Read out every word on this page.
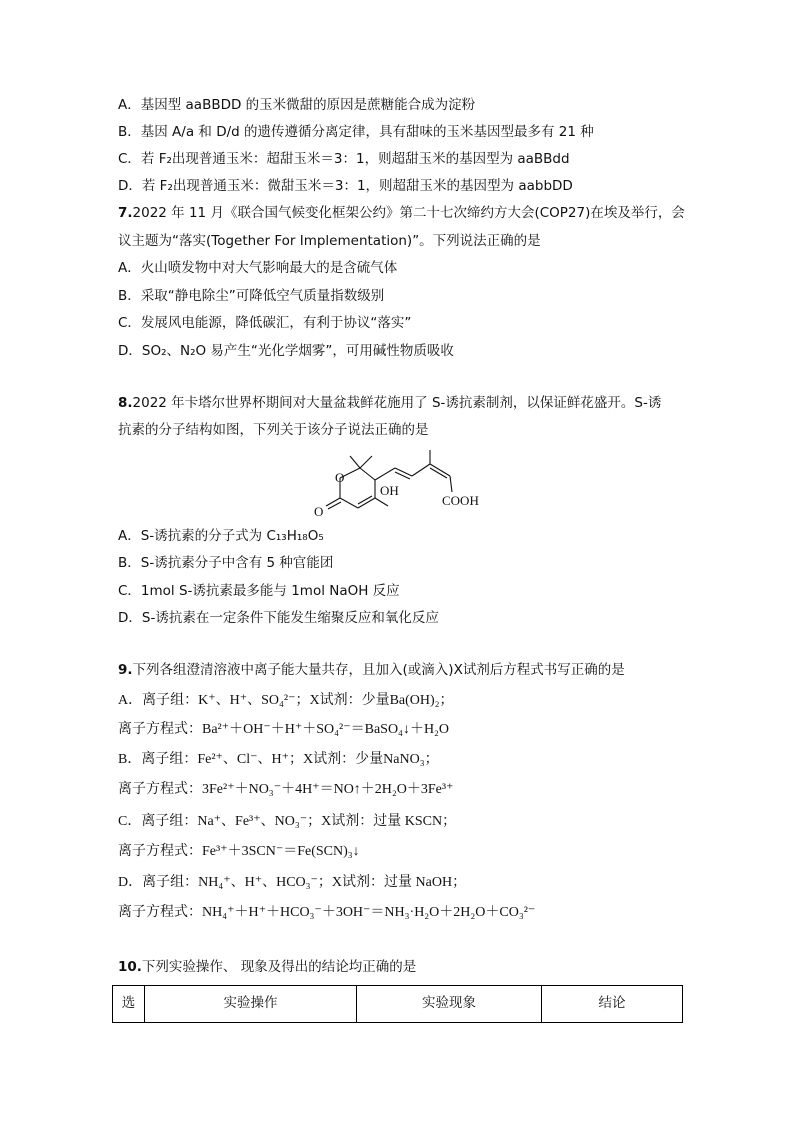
A．基因型 aaBBDD 的玉米微甜的原因是蔗糖能合成为淀粉
B．基因 A/a 和 D/d 的遗传遵循分离定律，具有甜味的玉米基因型最多有 21 种
C．若 F₂出现普通玉米：超甜玉米＝3：1，则超甜玉米的基因型为 aaBBdd
D．若 F₂出现普通玉米：微甜玉米＝3：1，则超甜玉米的基因型为 aabbDD
7.2022 年 11 月《联合国气候变化框架公约》第二十七次缔约方大会(COP27)在埃及举行，会
议主题为“落实(Together For Implementation)”。下列说法正确的是
A．火山喷发物中对大气影响最大的是含硫气体
B．采取“静电除尘”可降低空气质量指数级别
C．发展风电能源，降低碳汇，有利于协议“落实”
D．SO₂、N₂O 易产生“光化学烟雾”，可用碱性物质吸收
8.2022 年卡塔尔世界杯期间对大量盆栽鲜花施用了 S-诱抗素制剂，以保证鲜花盛开。S-诱
抗素的分子结构如图，下列关于该分子说法正确的是
O
O
OH
COOH
A．S-诱抗素的分子式为 C₁₃H₁₈O₅
B．S-诱抗素分子中含有 5 种官能团
C．1mol S-诱抗素最多能与 1mol NaOH 反应
D．S-诱抗素在一定条件下能发生缩聚反应和氧化反应
9.下列各组澄清溶液中离子能大量共存，且加入(或滴入)X试剂后方程式书写正确的是
A．离子组：K⁺、H⁺、SO₄²⁻；X试剂：少量Ba(OH)₂；
离子方程式：Ba²⁺＋OH⁻＋H⁺＋SO₄²⁻＝BaSO₄↓＋H₂O
B．离子组：Fe²⁺、Cl⁻、H⁺；X试剂：少量NaNO₃；
离子方程式：3Fe²⁺＋NO₃⁻＋4H⁺＝NO↑＋2H₂O＋3Fe³⁺
C．离子组：Na⁺、Fe³⁺、NO₃⁻；X试剂：过量 KSCN；
离子方程式：Fe³⁺＋3SCN⁻＝Fe(SCN)₃↓
D．离子组：NH₄⁺、H⁺、HCO₃⁻；X试剂：过量 NaOH；
离子方程式：NH₄⁺＋H⁺＋HCO₃⁻＋3OH⁻＝NH₃·H₂O＋2H₂O＋CO₃²⁻
10.下列实验操作、 现象及得出的结论均正确的是
选	实验操作	实验现象	结论
